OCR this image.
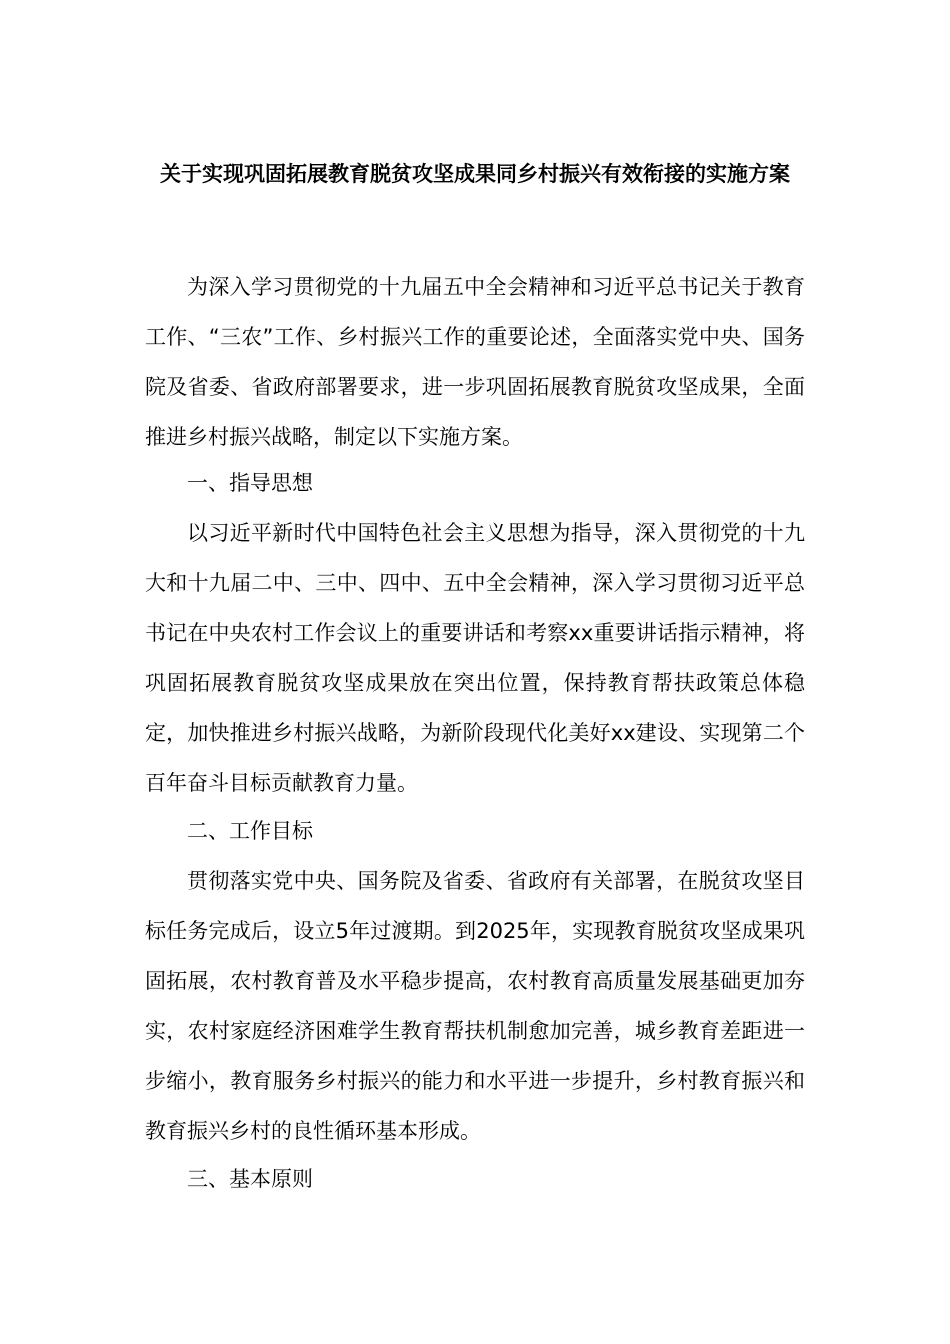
关于实现巩固拓展教育脱贫攻坚成果同乡村振兴有效衔接的实施方案

为深入学习贯彻党的十九届五中全会精神和习近平总书记关于教育工作、“三农”工作、乡村振兴工作的重要论述，全面落实党中央、国务院及省委、省政府部署要求，进一步巩固拓展教育脱贫攻坚成果，全面推进乡村振兴战略，制定以下实施方案。

一、指导思想

以习近平新时代中国特色社会主义思想为指导，深入贯彻党的十九大和十九届二中、三中、四中、五中全会精神，深入学习贯彻习近平总书记在中央农村工作会议上的重要讲话和考察xx重要讲话指示精神，将巩固拓展教育脱贫攻坚成果放在突出位置，保持教育帮扶政策总体稳定，加快推进乡村振兴战略，为新阶段现代化美好xx建设、实现第二个百年奋斗目标贡献教育力量。

二、工作目标

贯彻落实党中央、国务院及省委、省政府有关部署，在脱贫攻坚目标任务完成后，设立5年过渡期。到2025年，实现教育脱贫攻坚成果巩固拓展，农村教育普及水平稳步提高，农村教育高质量发展基础更加夯实，农村家庭经济困难学生教育帮扶机制愈加完善，城乡教育差距进一步缩小，教育服务乡村振兴的能力和水平进一步提升，乡村教育振兴和教育振兴乡村的良性循环基本形成。

三、基本原则
